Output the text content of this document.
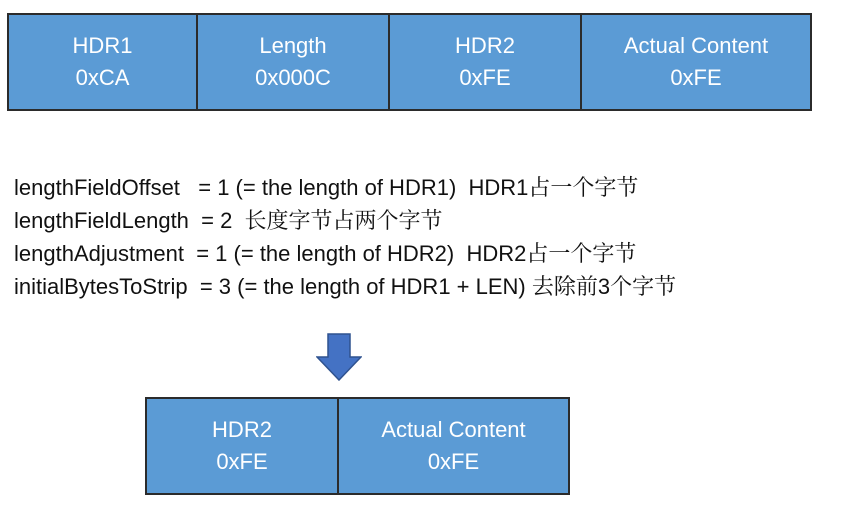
HDR1
0xCA
Length
0x000C
HDR2
0xFE
Actual Content
0xFE
lengthFieldOffset   = 1 (= the length of HDR1)  HDR1占一个字节
lengthFieldLength  = 2  长度字节占两个字节
lengthAdjustment  = 1 (= the length of HDR2)  HDR2占一个字节
initialBytesToStrip  = 3 (= the length of HDR1 + LEN) 去除前3个字节
HDR2
0xFE
Actual Content
0xFE
